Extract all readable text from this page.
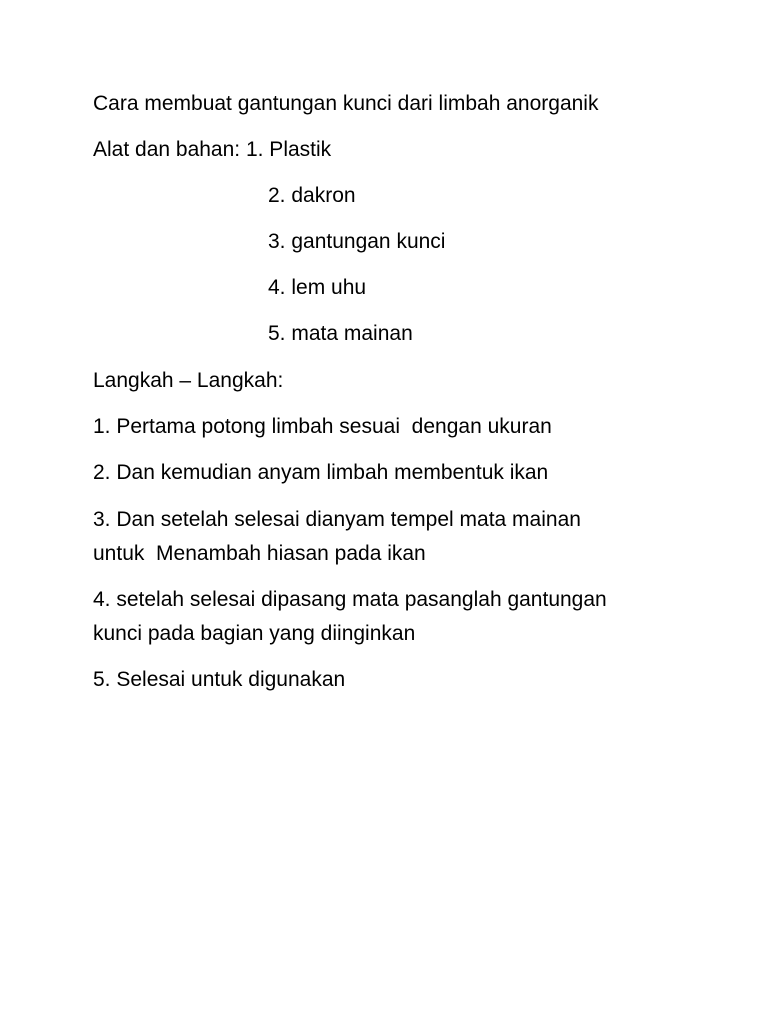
Cara membuat gantungan kunci dari limbah anorganik
Alat dan bahan: 1. Plastik
2. dakron
3. gantungan kunci
4. lem uhu
5. mata mainan
Langkah – Langkah:
1. Pertama potong limbah sesuai  dengan ukuran
2. Dan kemudian anyam limbah membentuk ikan
3. Dan setelah selesai dianyam tempel mata mainan
untuk  Menambah hiasan pada ikan
4. setelah selesai dipasang mata pasanglah gantungan
kunci pada bagian yang diinginkan
5. Selesai untuk digunakan
